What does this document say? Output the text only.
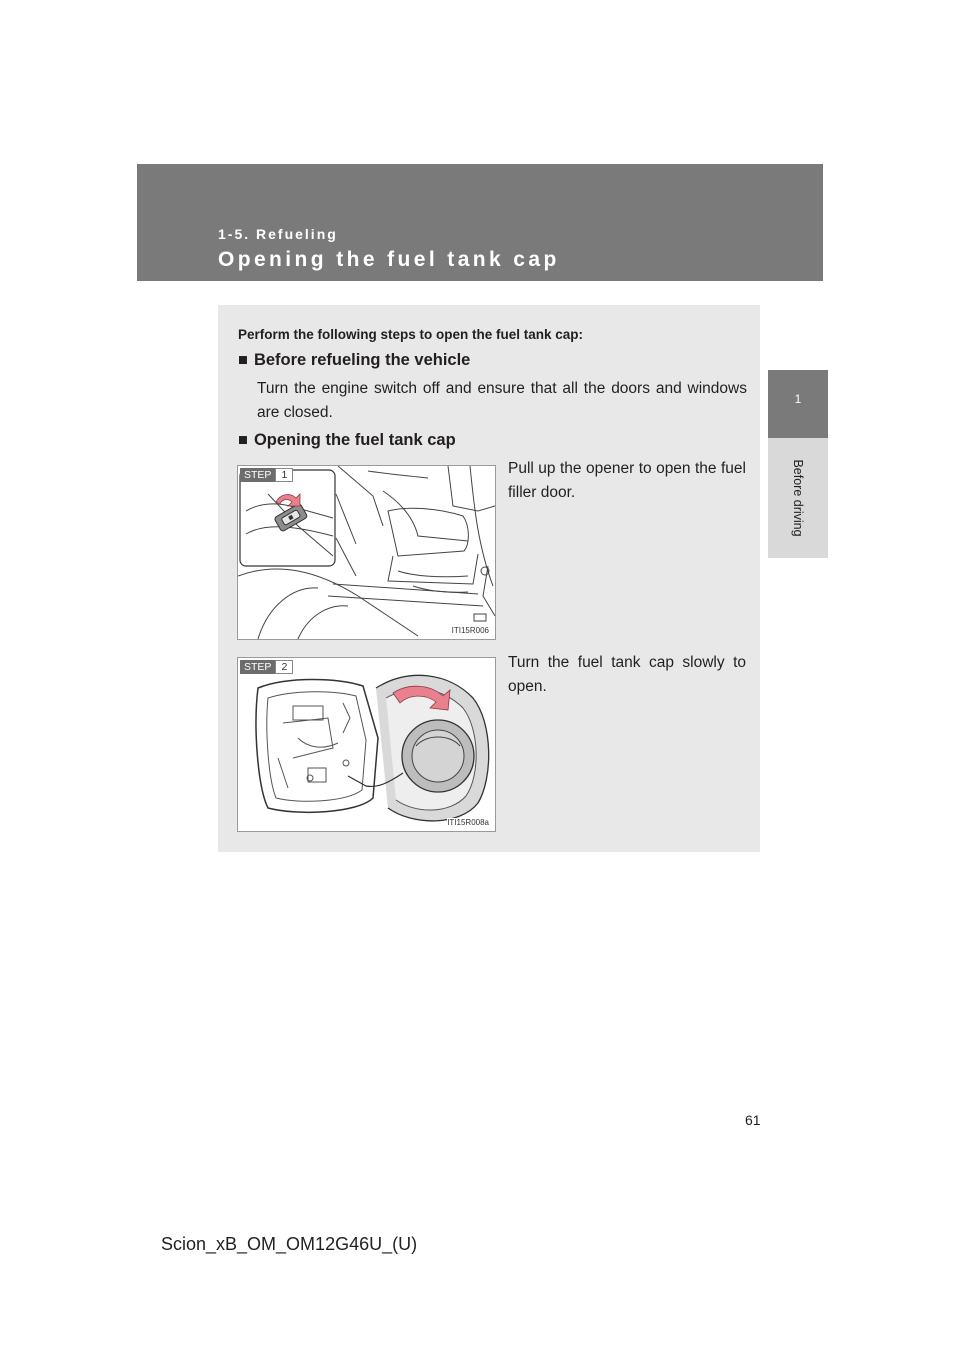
1-5. Refueling
Opening the fuel tank cap
1
Before driving
Perform the following steps to open the fuel tank cap:
■ Before refueling the vehicle
Turn the engine switch off and ensure that all the doors and windows are closed.
■ Opening the fuel tank cap
STEP 1
ITI15R006
Pull up the opener to open the fuel filler door.
STEP 2
ITI15R008a
Turn the fuel tank cap slowly to open.
61
Scion_xB_OM_OM12G46U_(U)
